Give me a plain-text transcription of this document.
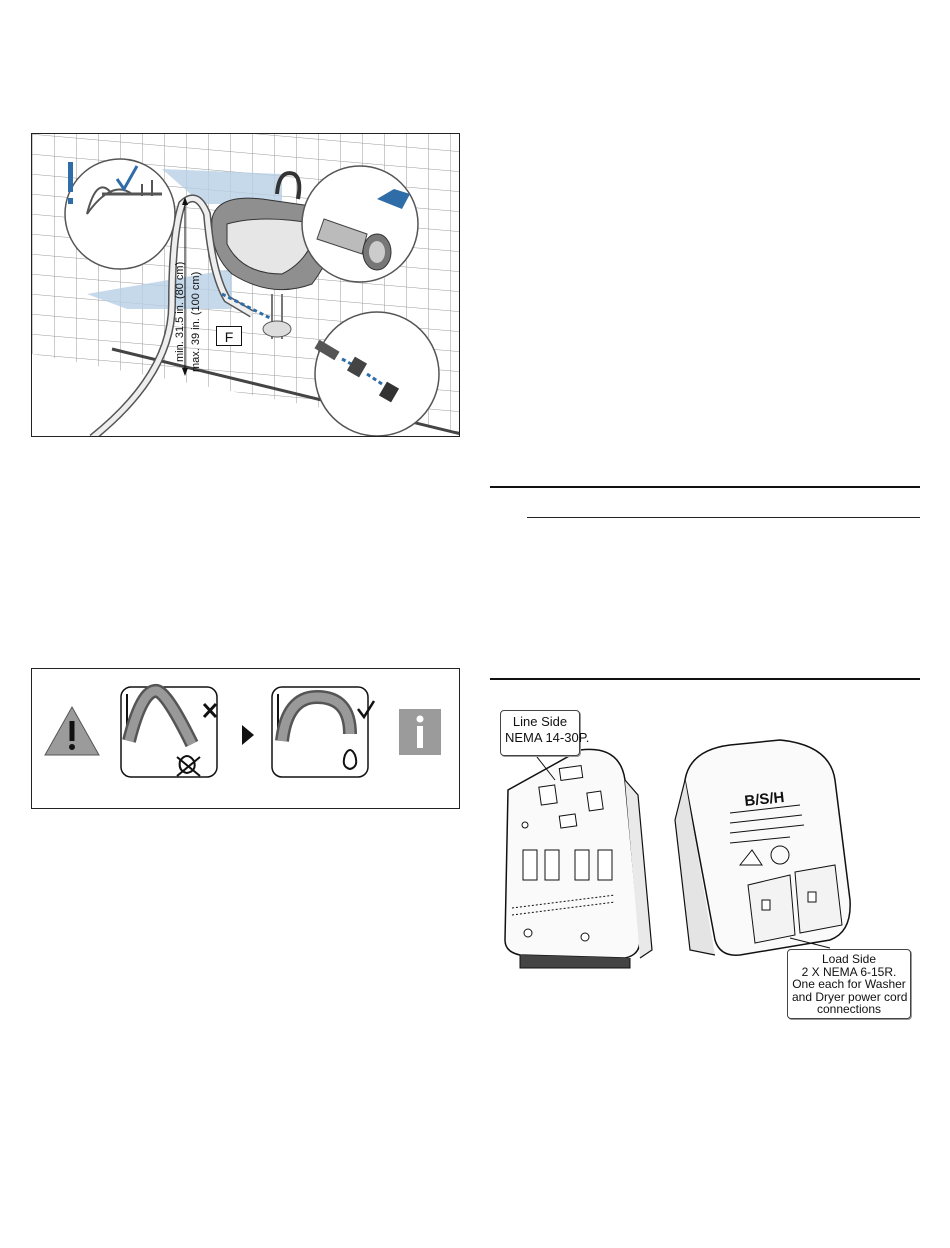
F
min. 31.5 in. (80 cm) max. 39 in. (100 cm)
B/S/H
Line Side
NEMA 14-30P.
Load Side
2 X NEMA 6-15R.
One each for Washer
and Dryer power cord
connections
